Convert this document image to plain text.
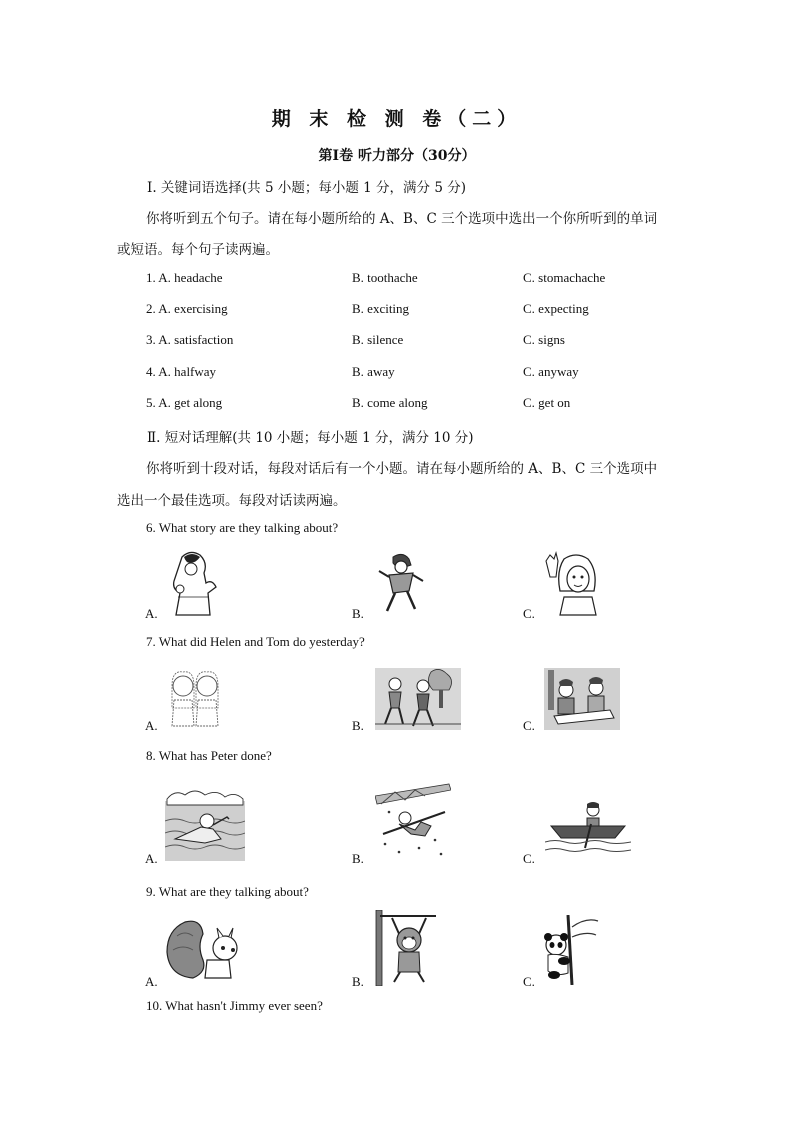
期 末 检 测 卷（二）
第Ⅰ卷 听力部分（30分）
Ⅰ. 关键词语选择(共 5 小题；每小题 1 分，满分 5 分)
你将听到五个句子。请在每小题所给的 A、B、C 三个选项中选出一个你所听到的单词
或短语。每个句子读两遍。
1. A. headache	B. toothache	C. stomachache
2. A. exercising	B. exciting	C. expecting
3. A. satisfaction	B. silence	C. signs
4. A. halfway	B. away	C. anyway
5. A. get along	B. come along	C. get on
Ⅱ. 短对话理解(共 10 小题；每小题 1 分，满分 10 分)
你将听到十段对话，每段对话后有一个小题。请在每小题所给的 A、B、C 三个选项中
选出一个最佳选项。每段对话读两遍。
6. What story are they talking about?
A.	B.	C.
7. What did Helen and Tom do yesterday?
A.	B.	C.
8. What has Peter done?
A.	B.	C.
9. What are they talking about?
A.	B.	C.
10. What hasn't Jimmy ever seen?
